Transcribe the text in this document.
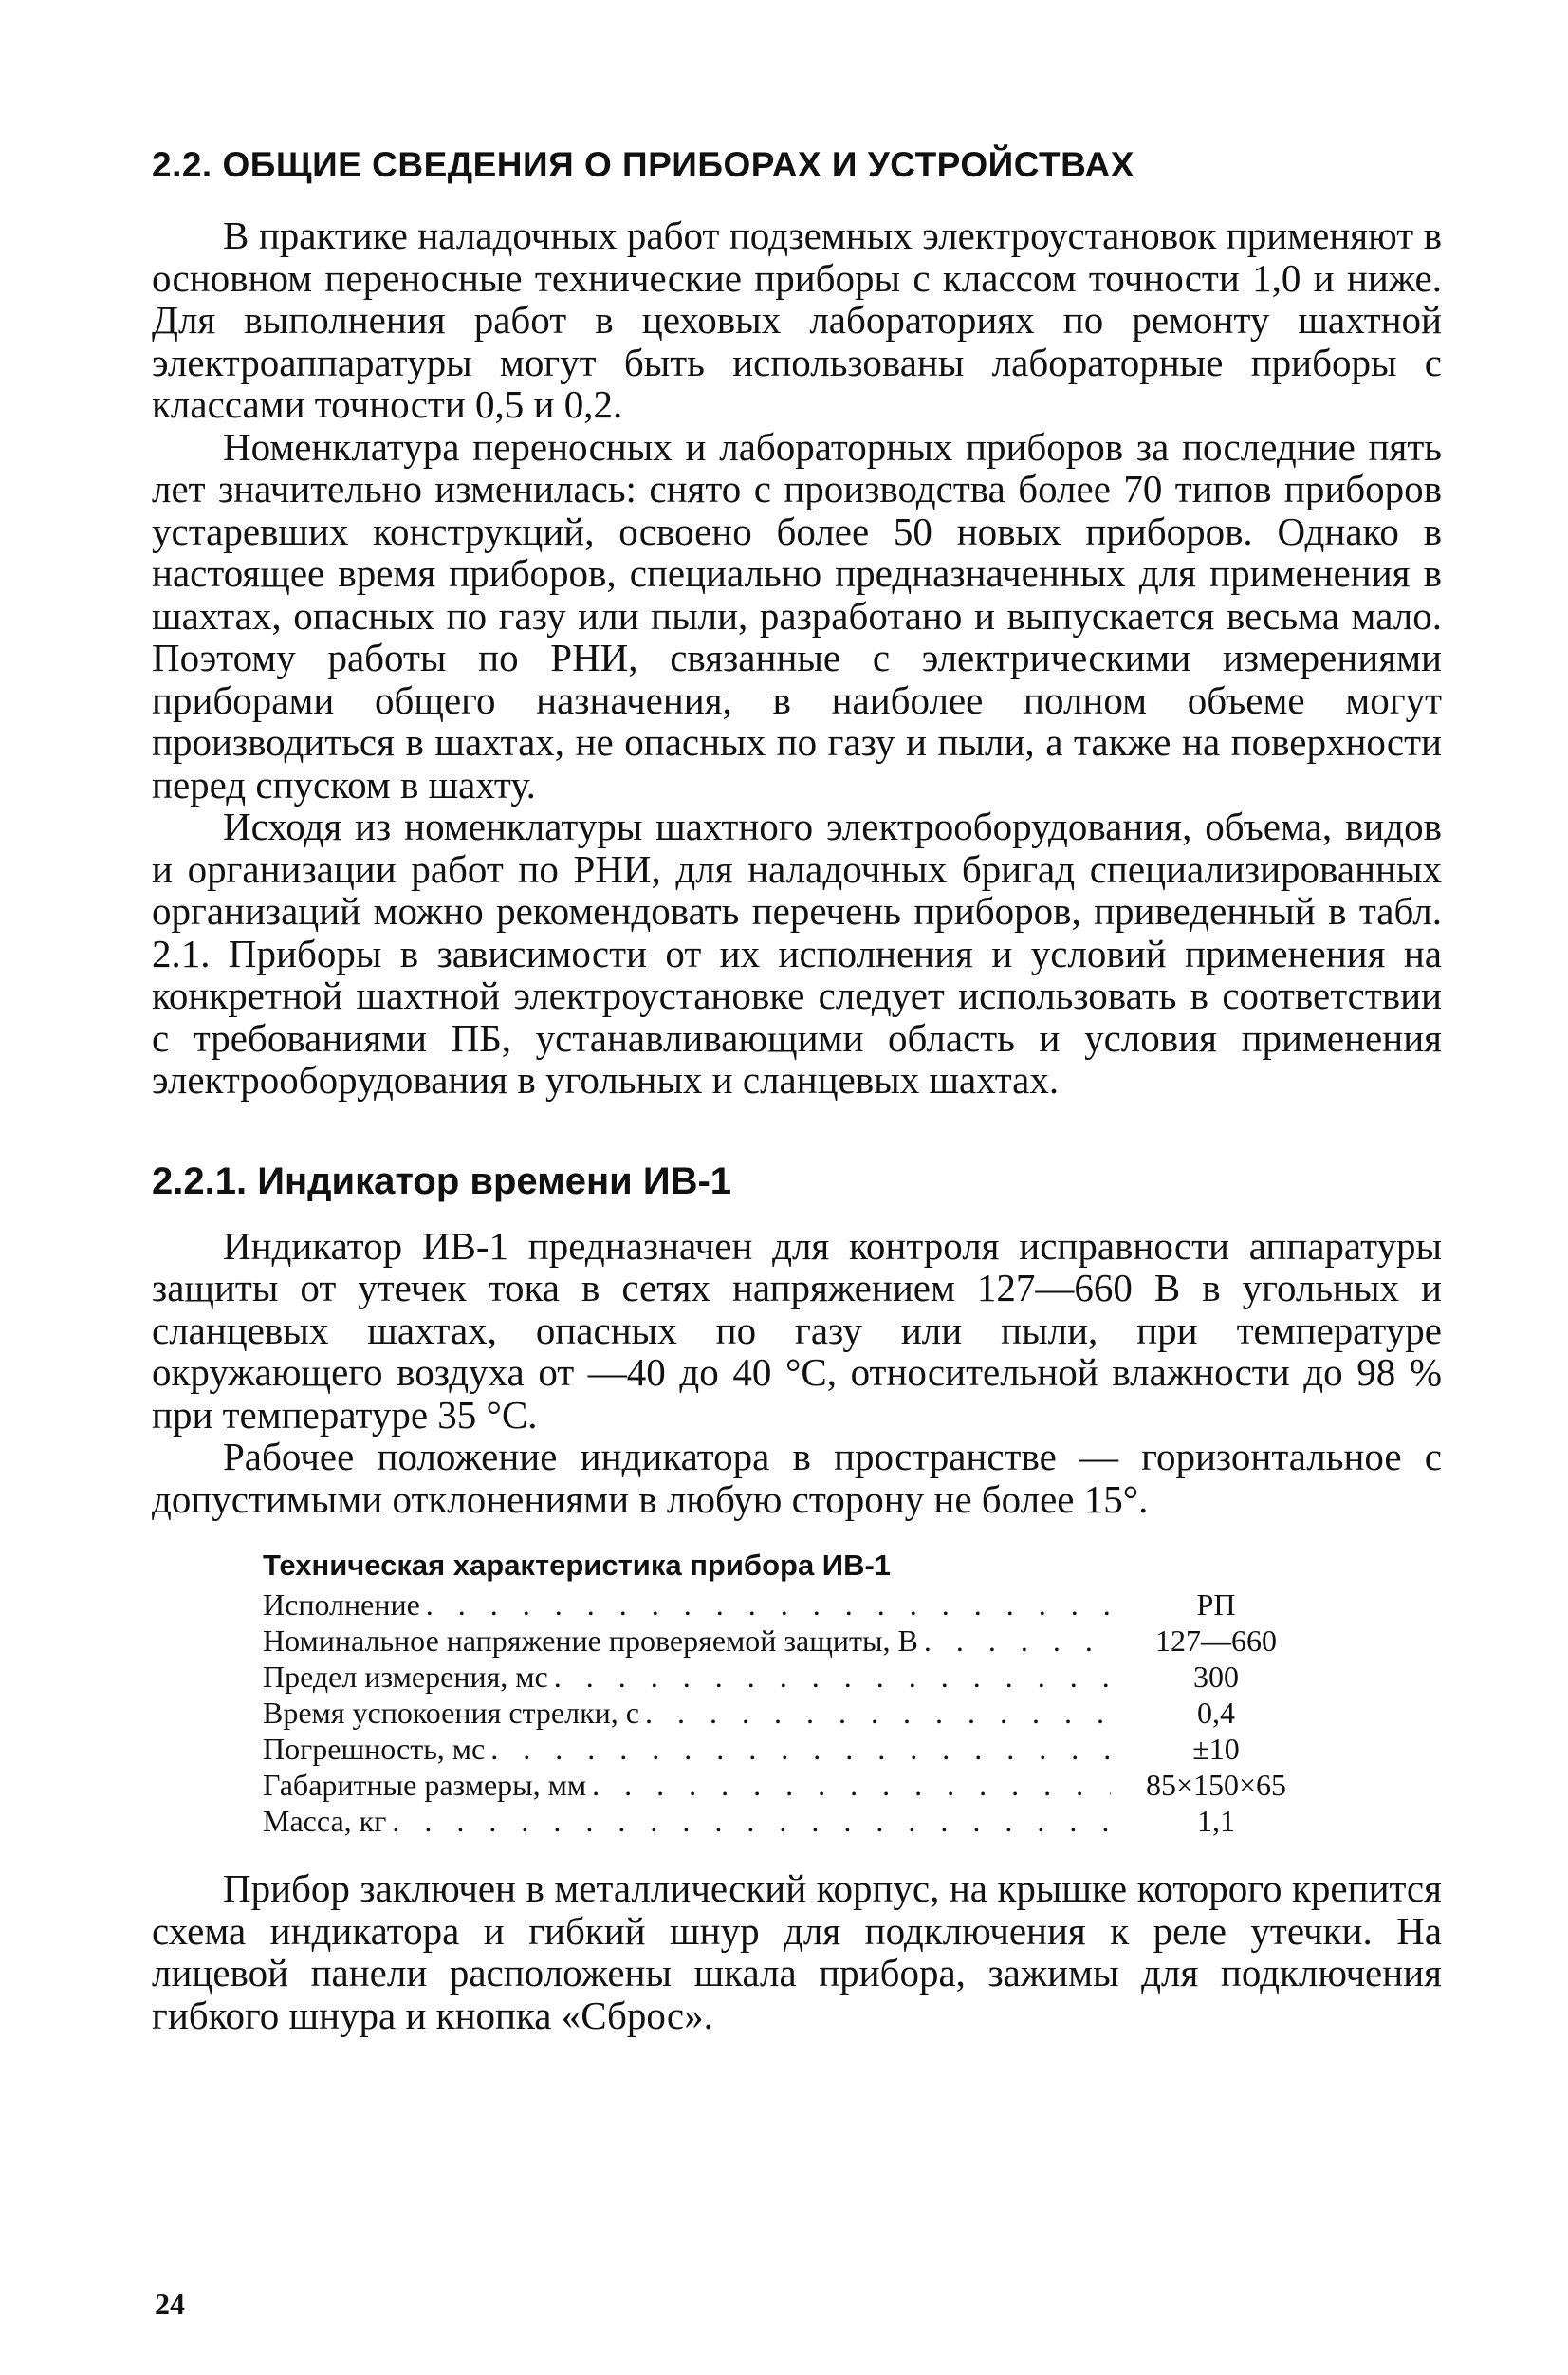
2.2. ОБЩИЕ СВЕДЕНИЯ О ПРИБОРАХ И УСТРОЙСТВАХ

В практике наладочных работ подземных электроустановок применяют в основном переносные технические приборы с классом точности 1,0 и ниже. Для выполнения работ в цеховых лабораториях по ремонту шахтной электроаппаратуры могут быть использованы лабораторные приборы с классами точности 0,5 и 0,2.

Номенклатура переносных и лабораторных приборов за последние пять лет значительно изменилась: снято с производства более 70 типов приборов устаревших конструкций, освоено более 50 новых приборов. Однако в настоящее время приборов, специально предназначенных для применения в шахтах, опасных по газу или пыли, разработано и выпускается весьма мало. Поэтому работы по РНИ, связанные с электрическими измерениями приборами общего назначения, в наиболее полном объеме могут производиться в шахтах, не опасных по газу и пыли, а также на поверхности перед спуском в шахту.

Исходя из номенклатуры шахтного электрооборудования, объема, видов и организации работ по РНИ, для наладочных бригад специализированных организаций можно рекомендовать перечень приборов, приведенный в табл. 2.1. Приборы в зависимости от их исполнения и условий применения на конкретной шахтной электроустановке следует использовать в соответствии с требованиями ПБ, устанавливающими область и условия применения электрооборудования в угольных и сланцевых шахтах.

2.2.1. Индикатор времени ИВ-1

Индикатор ИВ-1 предназначен для контроля исправности аппаратуры защиты от утечек тока в сетях напряжением 127—660 В в угольных и сланцевых шахтах, опасных по газу или пыли, при температуре окружающего воздуха от —40 до 40 °С, относительной влажности до 98 % при температуре 35 °С.

Рабочее положение индикатора в пространстве — горизонтальное с допустимыми отклонениями в любую сторону не более 15°.

Техническая характеристика прибора ИВ-1
Исполнение . . .	РП
Номинальное напряжение проверяемой защиты, В . . .	127—660
Предел измерения, мс . . .	300
Время успокоения стрелки, с . . .	0,4
Погрешность, мс . . .	±10
Габаритные размеры, мм . . .	85×150×65
Масса, кг . . .	1,1

Прибор заключен в металлический корпус, на крышке которого крепится схема индикатора и гибкий шнур для подключения к реле утечки. На лицевой панели расположены шкала прибора, зажимы для подключения гибкого шнура и кнопка «Сброс».

24
